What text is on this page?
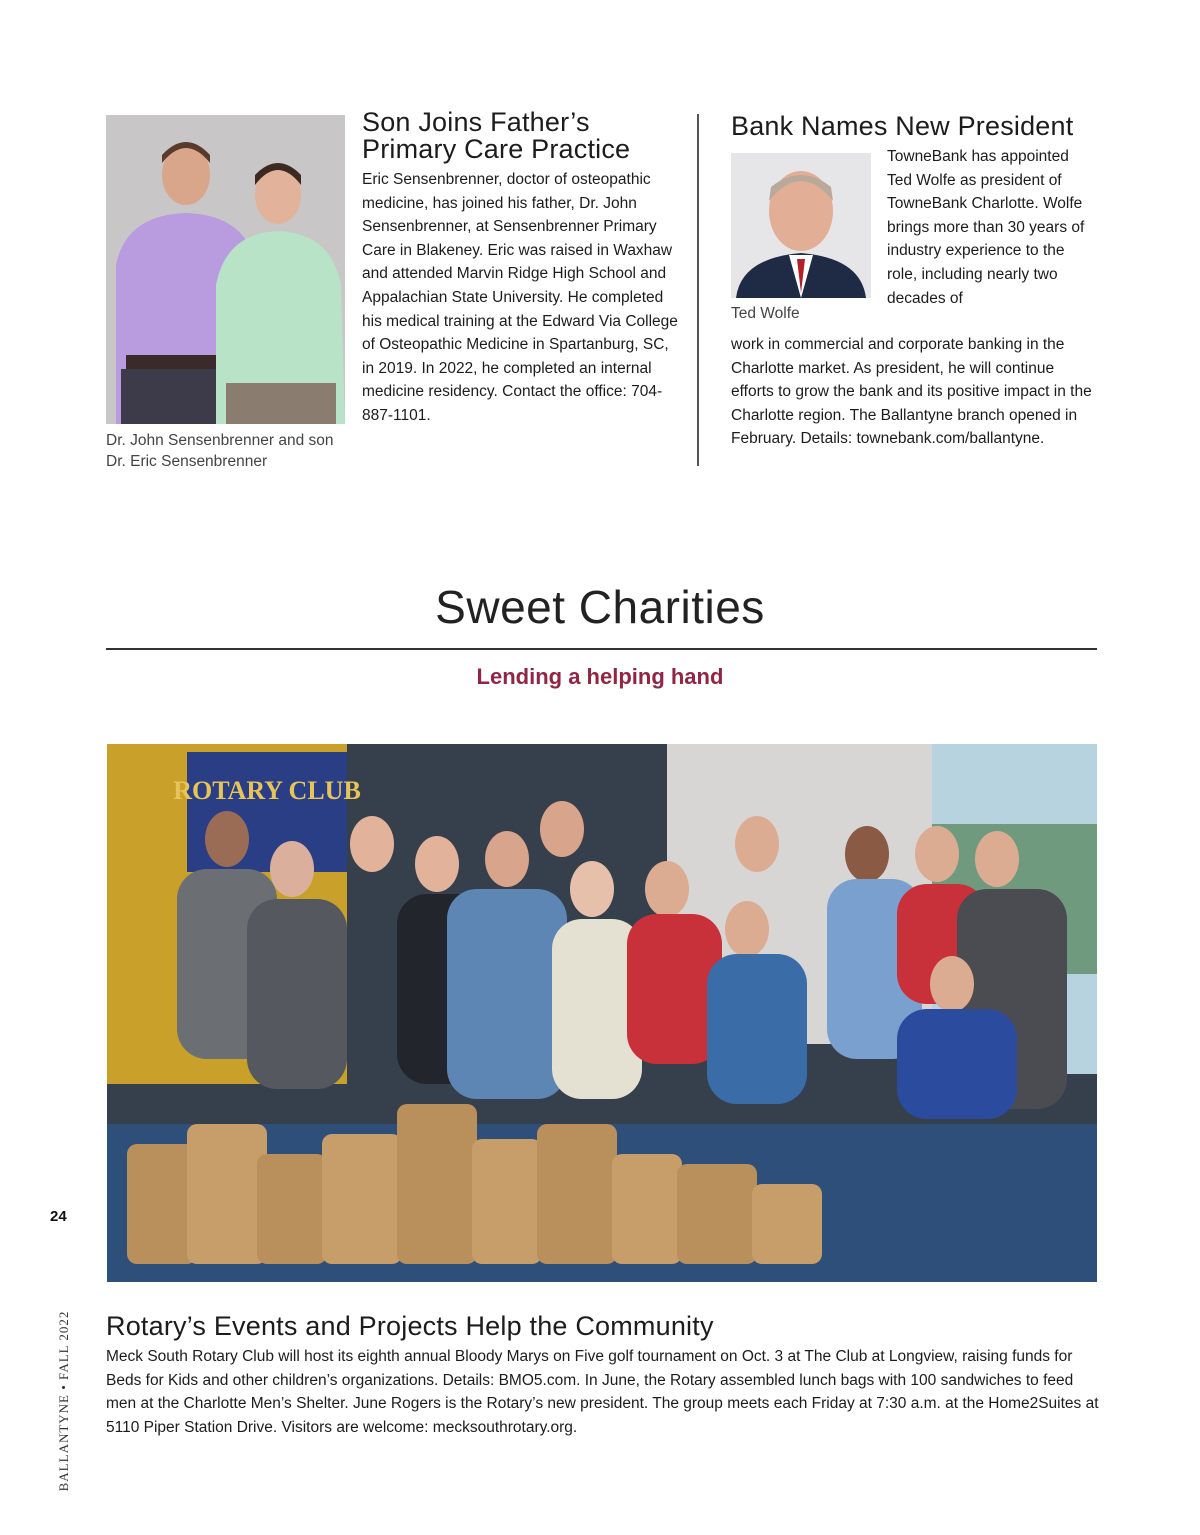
Dr. John Sensenbrenner and son Dr. Eric Sensenbrenner
Son Joins Father’s Primary Care Practice
Eric Sensenbrenner, doctor of osteopathic medicine, has joined his father, Dr. John Sensenbrenner, at Sensenbrenner Primary Care in Blakeney. Eric was raised in Waxhaw and attended Marvin Ridge High School and Appalachian State University. He completed his medical training at the Edward Via College of Osteopathic Medicine in Spartanburg, SC, in 2019. In 2022, he completed an internal medicine residency. Contact the office: 704-887-1101.
Bank Names New President
Ted Wolfe
TowneBank has appointed Ted Wolfe as president of TowneBank Charlotte. Wolfe brings more than 30 years of industry experience to the role, including nearly two decades of
work in commercial and corporate banking in the Charlotte market. As president, he will continue efforts to grow the bank and its positive impact in the Charlotte region. The Ballantyne branch opened in February. Details: townebank.com/ballantyne.
Sweet Charities
Lending a helping hand
ROTARY CLUB
24
BALLANTYNE • FALL 2022 Rotary’s Events and Projects Help the Community
Meck South Rotary Club will host its eighth annual Bloody Marys on Five golf tournament on Oct. 3 at The Club at Longview, raising funds for Beds for Kids and other children’s organizations. Details: BMO5.com. In June, the Rotary assembled lunch bags with 100 sandwiches to feed men at the Charlotte Men’s Shelter. June Rogers is the Rotary’s new president. The group meets each Friday at 7:30 a.m. at the Home2Suites at 5110 Piper Station Drive. Visitors are welcome: mecksouthrotary.org.
